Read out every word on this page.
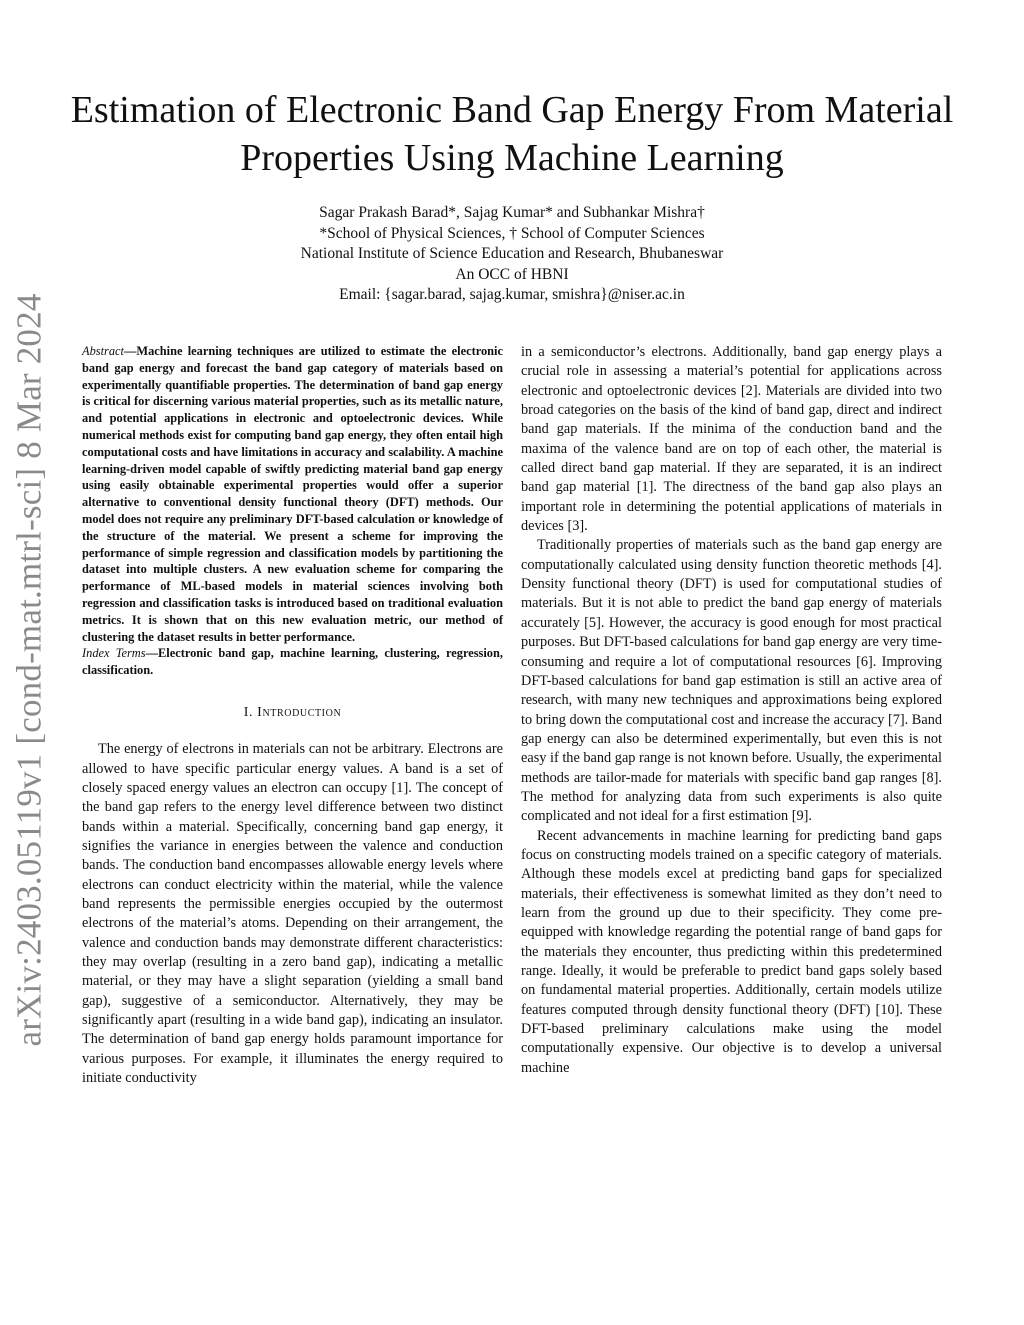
arXiv:2403.05119v1 [cond-mat.mtrl-sci] 8 Mar 2024
Estimation of Electronic Band Gap Energy From Material Properties Using Machine Learning
Sagar Prakash Barad*, Sajag Kumar* and Subhankar Mishra†
*School of Physical Sciences, † School of Computer Sciences
National Institute of Science Education and Research, Bhubaneswar
An OCC of HBNI
Email: {sagar.barad, sajag.kumar, smishra}@niser.ac.in

Abstract—Machine learning techniques are utilized to estimate the electronic band gap energy and forecast the band gap category of materials based on experimentally quantifiable properties. The determination of band gap energy is critical for discerning various material properties, such as its metallic nature, and potential applications in electronic and optoelectronic devices. While numerical methods exist for computing band gap energy, they often entail high computational costs and have limitations in accuracy and scalability. A machine learning-driven model capable of swiftly predicting material band gap energy using easily obtainable experimental properties would offer a superior alternative to conventional density functional theory (DFT) methods. Our model does not require any preliminary DFT-based calculation or knowledge of the structure of the material. We present a scheme for improving the performance of simple regression and classification models by partitioning the dataset into multiple clusters. A new evaluation scheme for comparing the performance of ML-based models in material sciences involving both regression and classification tasks is introduced based on traditional evaluation metrics. It is shown that on this new evaluation metric, our method of clustering the dataset results in better performance.

Index Terms—Electronic band gap, machine learning, clustering, regression, classification.

I. Introduction

The energy of electrons in materials can not be arbitrary. Electrons are allowed to have specific particular energy values. A band is a set of closely spaced energy values an electron can occupy [1]. The concept of the band gap refers to the energy level difference between two distinct bands within a material. Specifically, concerning band gap energy, it signifies the variance in energies between the valence and conduction bands. The conduction band encompasses allowable energy levels where electrons can conduct electricity within the material, while the valence band represents the permissible energies occupied by the outermost electrons of the material’s atoms. Depending on their arrangement, the valence and conduction bands may demonstrate different characteristics: they may overlap (resulting in a zero band gap), indicating a metallic material, or they may have a slight separation (yielding a small band gap), suggestive of a semiconductor. Alternatively, they may be significantly apart (resulting in a wide band gap), indicating an insulator. The determination of band gap energy holds paramount importance for various purposes. For example, it illuminates the energy required to initiate conductivity

in a semiconductor’s electrons. Additionally, band gap energy plays a crucial role in assessing a material’s potential for applications across electronic and optoelectronic devices [2]. Materials are divided into two broad categories on the basis of the kind of band gap, direct and indirect band gap materials. If the minima of the conduction band and the maxima of the valence band are on top of each other, the material is called direct band gap material. If they are separated, it is an indirect band gap material [1]. The directness of the band gap also plays an important role in determining the potential applications of materials in devices [3].

Traditionally properties of materials such as the band gap energy are computationally calculated using density function theoretic methods [4]. Density functional theory (DFT) is used for computational studies of materials. But it is not able to predict the band gap energy of materials accurately [5]. However, the accuracy is good enough for most practical purposes. But DFT-based calculations for band gap energy are very time-consuming and require a lot of computational resources [6]. Improving DFT-based calculations for band gap estimation is still an active area of research, with many new techniques and approximations being explored to bring down the computational cost and increase the accuracy [7]. Band gap energy can also be determined experimentally, but even this is not easy if the band gap range is not known before. Usually, the experimental methods are tailor-made for materials with specific band gap ranges [8]. The method for analyzing data from such experiments is also quite complicated and not ideal for a first estimation [9].

Recent advancements in machine learning for predicting band gaps focus on constructing models trained on a specific category of materials. Although these models excel at predicting band gaps for specialized materials, their effectiveness is somewhat limited as they don’t need to learn from the ground up due to their specificity. They come pre-equipped with knowledge regarding the potential range of band gaps for the materials they encounter, thus predicting within this predetermined range. Ideally, it would be preferable to predict band gaps solely based on fundamental material properties. Additionally, certain models utilize features computed through density functional theory (DFT) [10]. These DFT-based preliminary calculations make using the model computationally expensive. Our objective is to develop a universal machine
